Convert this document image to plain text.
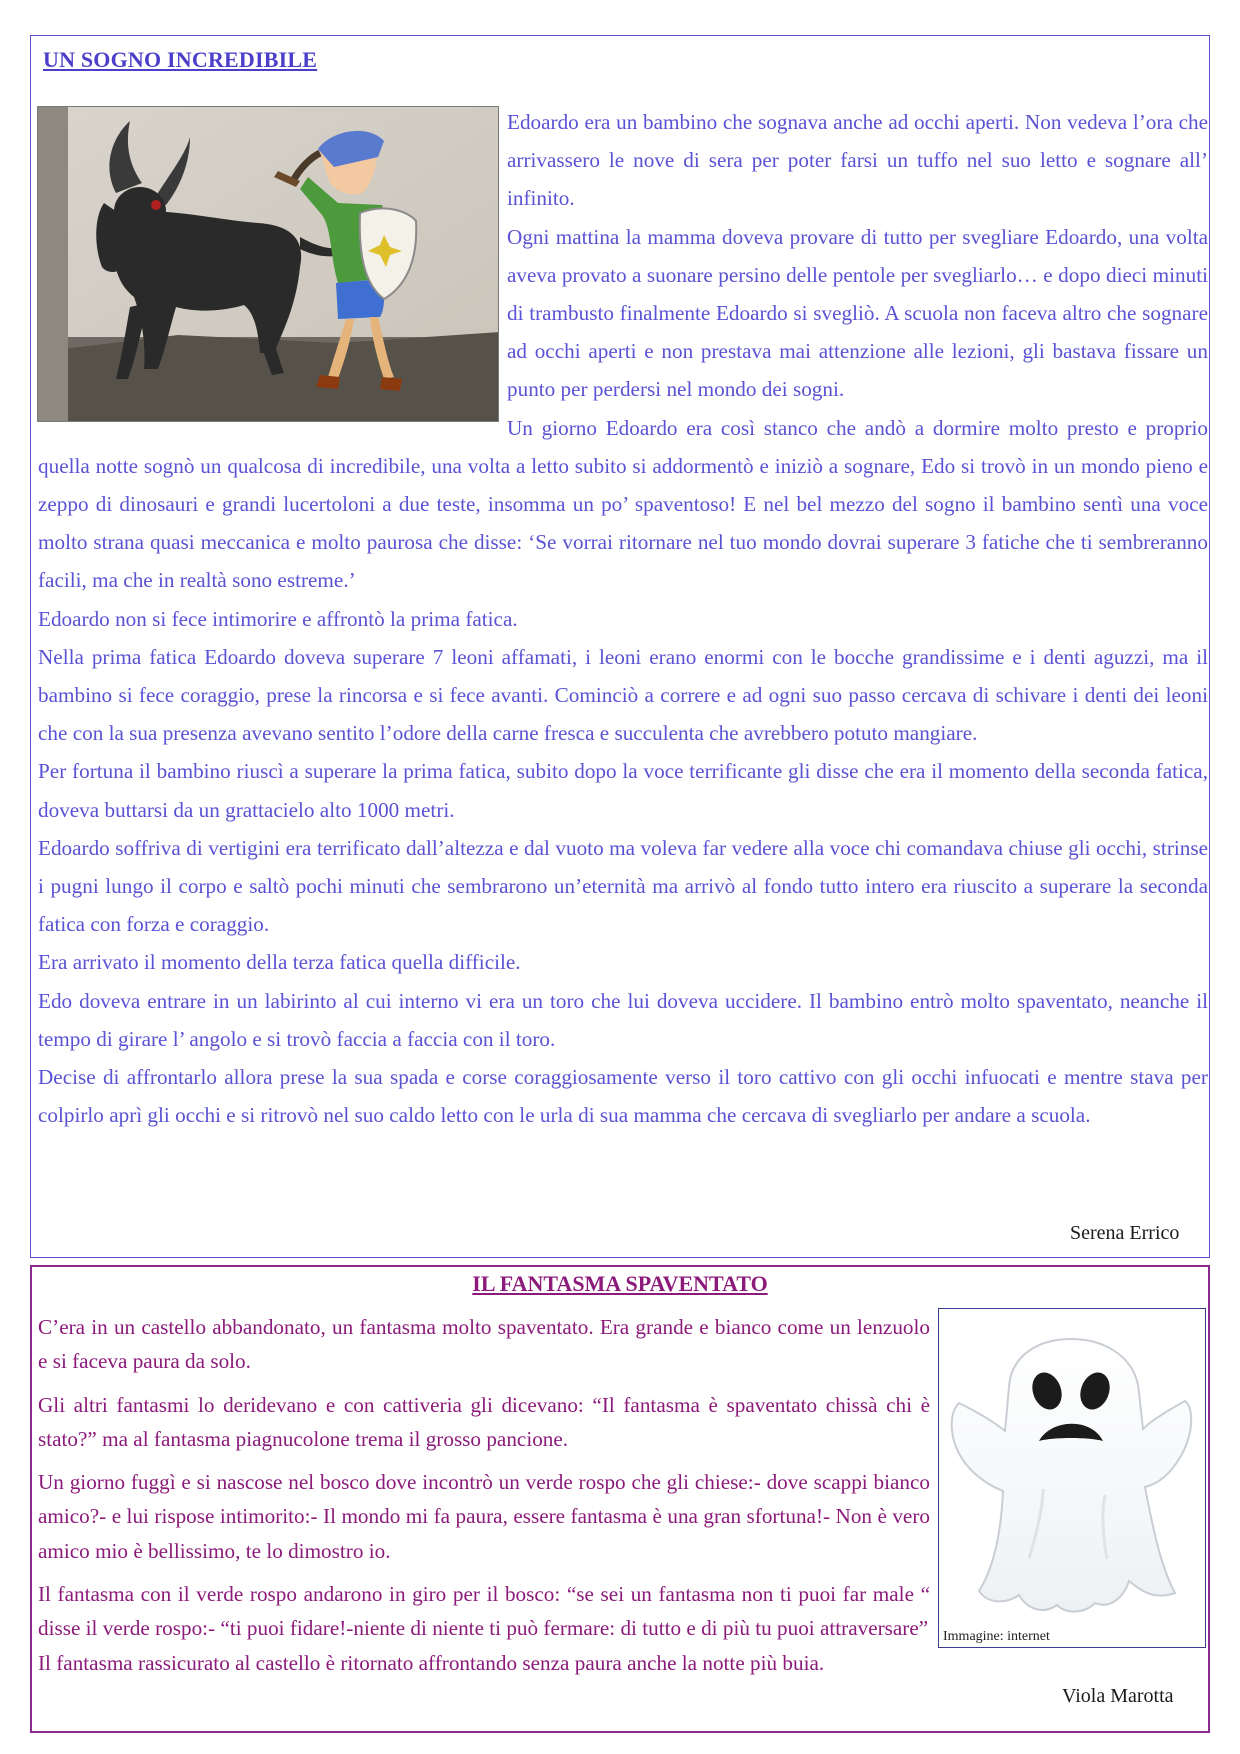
UN SOGNO INCREDIBILE

Edoardo era un bambino che sognava anche ad occhi aperti. Non vedeva l’ora che arrivassero le nove di sera per poter farsi un tuffo nel suo letto e sognare all’ infinito.

Ogni mattina la mamma doveva provare di tutto per svegliare Edoardo, una volta aveva provato a suonare persino delle pentole per svegliarlo… e dopo dieci minuti di trambusto finalmente Edoardo si svegliò. A scuola non faceva altro che sognare ad occhi aperti e non prestava mai attenzione alle lezioni, gli bastava fissare un punto per perdersi nel mondo dei sogni.

Un giorno Edoardo era così stanco che andò a dormire molto presto e proprio quella notte sognò un qualcosa di incredibile, una volta a letto subito si addormentò e iniziò a sognare, Edo si trovò in un mondo pieno e zeppo di dinosauri e grandi lucertoloni a due teste, insomma un po’ spaventoso! E nel bel mezzo del sogno il bambino sentì una voce molto strana quasi meccanica e molto paurosa che disse: ‘Se vorrai ritornare nel tuo mondo dovrai superare 3 fatiche che ti sembreranno facili, ma che in realtà sono estreme.’

Edoardo non si fece intimorire e affrontò la prima fatica.

Nella prima fatica Edoardo doveva superare 7 leoni affamati, i leoni erano enormi con le bocche grandissime e i denti aguzzi, ma il bambino si fece coraggio, prese la rincorsa e si fece avanti. Cominciò a correre e ad ogni suo passo cercava di schivare i denti dei leoni che con la sua presenza avevano sentito l’odore della carne fresca e succulenta che avrebbero potuto mangiare.

Per fortuna il bambino riuscì a superare la prima fatica, subito dopo la voce terrificante gli disse che era il momento della seconda fatica, doveva buttarsi da un grattacielo alto 1000 metri.

Edoardo soffriva di vertigini era terrificato dall’altezza e dal vuoto ma voleva far vedere alla voce chi comandava chiuse gli occhi, strinse i pugni lungo il corpo e saltò pochi minuti che sembrarono un’eternità ma arrivò al fondo tutto intero era riuscito a superare la seconda fatica con forza e coraggio.

Era arrivato il momento della terza fatica quella difficile.

Edo doveva entrare in un labirinto al cui interno vi era un toro che lui doveva uccidere. Il bambino entrò molto spaventato, neanche il tempo di girare l’ angolo e si trovò faccia a faccia con il toro.

Decise di affrontarlo allora prese la sua spada e corse coraggiosamente verso il toro cattivo con gli occhi infuocati e mentre stava per colpirlo aprì gli occhi e si ritrovò nel suo caldo letto con le urla di sua mamma che cercava di svegliarlo per andare a scuola.

Serena Errico
IL FANTASMA SPAVENTATO
Immagine: internet

C’era in un castello abbandonato, un fantasma molto spaventato. Era grande e bianco come un lenzuolo e si faceva paura da solo.

Gli altri fantasmi lo deridevano e con cattiveria gli dicevano: “Il fantasma è spaventato chissà chi è stato?” ma al fantasma piagnucolone trema il grosso pancione.

Un giorno fuggì e si nascose nel bosco dove incontrò un verde rospo che gli chiese:- dove scappi bianco amico?- e lui rispose intimorito:- Il mondo mi fa paura, essere fantasma è una gran sfortuna!- Non è vero amico mio è bellissimo, te lo dimostro io.

Il fantasma con il verde rospo andarono in giro per il bosco: “se sei un fantasma non ti puoi far male “ disse il verde rospo:- “ti puoi fidare!-niente di niente ti può fermare: di tutto e di più tu puoi attraversare”

Il fantasma rassicurato al castello è ritornato affrontando senza paura anche la notte più buia.

Viola Marotta
